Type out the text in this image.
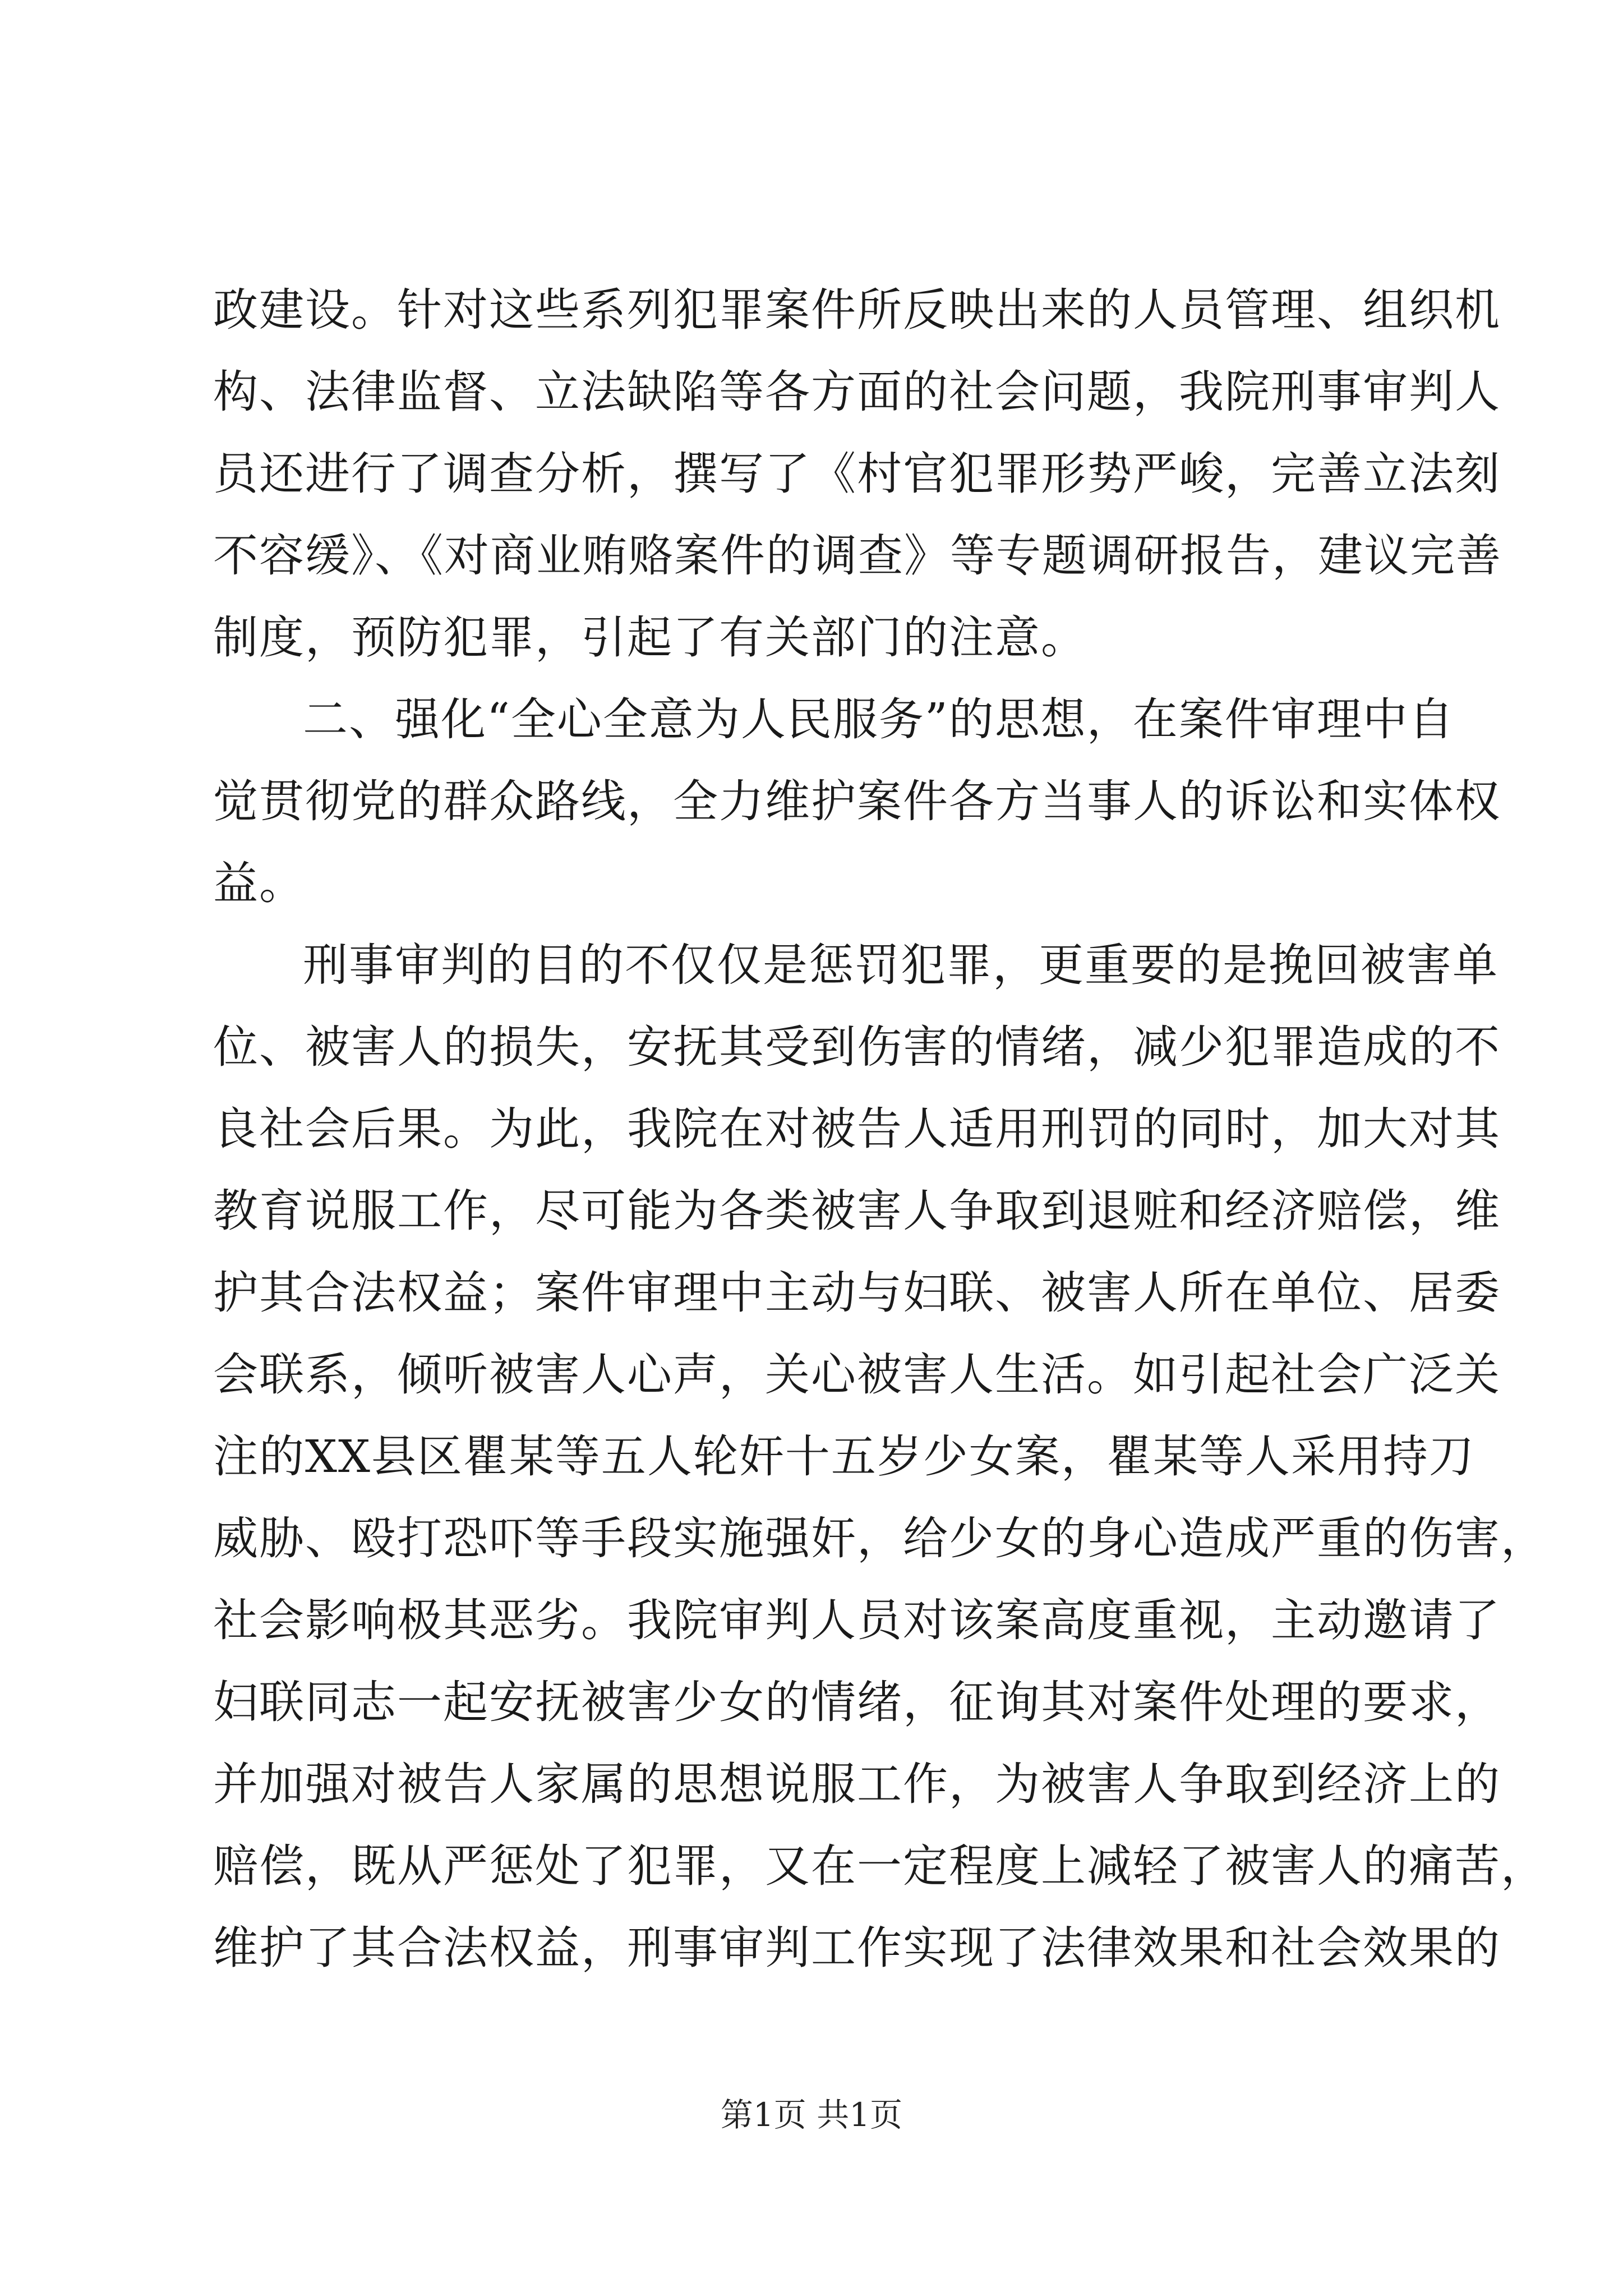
政建设。针对这些系列犯罪案件所反映出来的人员管理、组织机
构、法律监督、立法缺陷等各方面的社会问题，我院刑事审判人
员还进行了调查分析，撰写了《村官犯罪形势严峻，完善立法刻
不容缓》、《对商业贿赂案件的调查》等专题调研报告，建议完善
制度，预防犯罪，引起了有关部门的注意。
二、强化“全心全意为人民服务”的思想，在案件审理中自
觉贯彻党的群众路线，全力维护案件各方当事人的诉讼和实体权
益。
刑事审判的目的不仅仅是惩罚犯罪，更重要的是挽回被害单
位、被害人的损失，安抚其受到伤害的情绪，减少犯罪造成的不
良社会后果。为此，我院在对被告人适用刑罚的同时，加大对其
教育说服工作，尽可能为各类被害人争取到退赃和经济赔偿，维
护其合法权益；案件审理中主动与妇联、被害人所在单位、居委
会联系，倾听被害人心声，关心被害人生活。如引起社会广泛关
注的XX县区瞿某等五人轮奸十五岁少女案，瞿某等人采用持刀
威胁、殴打恐吓等手段实施强奸，给少女的身心造成严重的伤害，
社会影响极其恶劣。我院审判人员对该案高度重视，主动邀请了
妇联同志一起安抚被害少女的情绪，征询其对案件处理的要求，
并加强对被告人家属的思想说服工作，为被害人争取到经济上的
赔偿，既从严惩处了犯罪，又在一定程度上减轻了被害人的痛苦，
维护了其合法权益，刑事审判工作实现了法律效果和社会效果的
第1页 共1页
